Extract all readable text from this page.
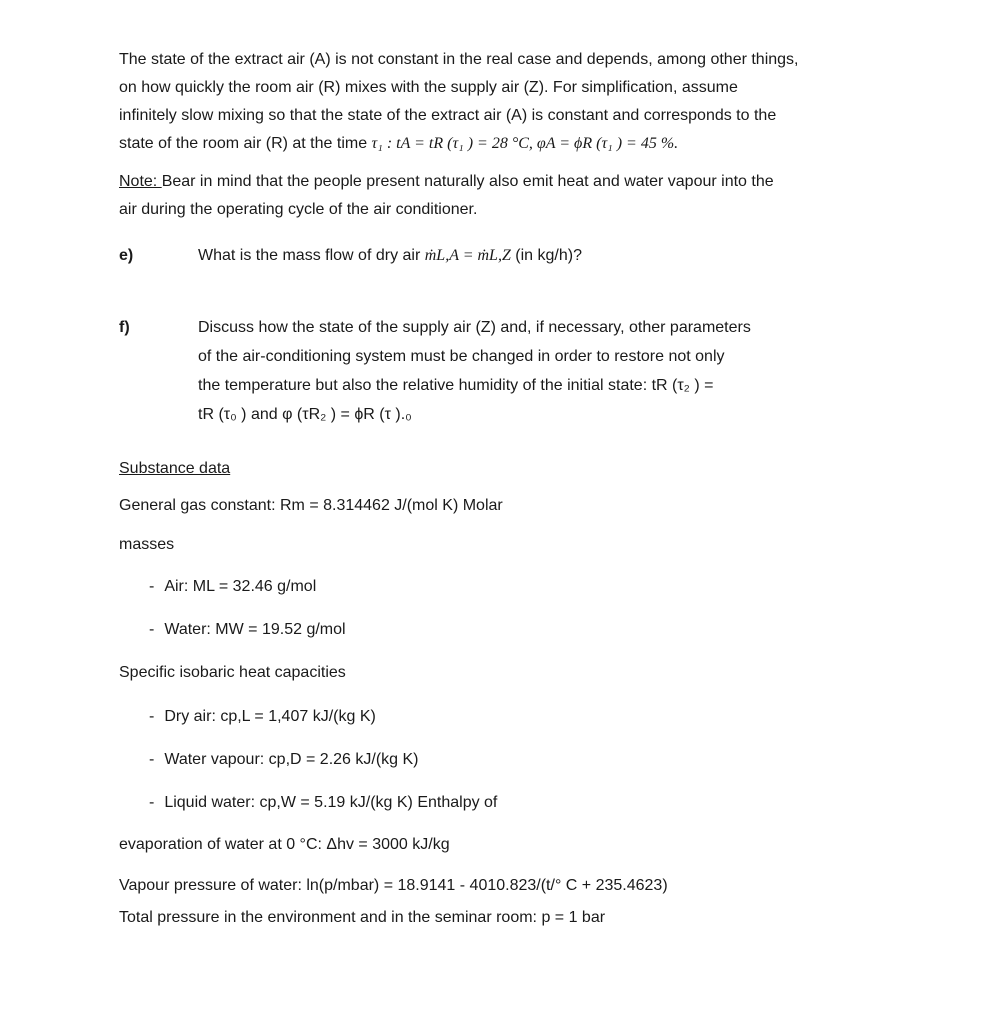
The state of the extract air (A) is not constant in the real case and depends, among other things,
on how quickly the room air (R) mixes with the supply air (Z). For simplification, assume
infinitely slow mixing so that the state of the extract air (A) is constant and corresponds to the
state of the room air (R) at the time τ₁ : tA = tR (τ₁ ) = 28 °C, φA = ϕR (τ₁ ) = 45 %.
Note: Bear in mind that the people present naturally also emit heat and water vapour into the
air during the operating cycle of the air conditioner.
e)	What is the mass flow of dry air ṁL,A = ṁL,Z (in kg/h)?
f)	Discuss how the state of the supply air (Z) and, if necessary, other parameters
of the air-conditioning system must be changed in order to restore not only
the temperature but also the relative humidity of the initial state: tR (τ₂ ) =
tR (τ₀ ) and φ (τR₂ ) = ϕR (τ ).₀
Substance data
General gas constant: Rm = 8.314462 J/(mol K) Molar
masses
- Air: ML = 32.46 g/mol
- Water: MW = 19.52 g/mol
Specific isobaric heat capacities
- Dry air: cp,L = 1,407 kJ/(kg K)
- Water vapour: cp,D = 2.26 kJ/(kg K)
- Liquid water: cp,W = 5.19 kJ/(kg K) Enthalpy of
evaporation of water at 0 °C: Δhv = 3000 kJ/kg
Vapour pressure of water: ln(p/mbar) = 18.9141 - 4010.823/(t/° C + 235.4623)
Total pressure in the environment and in the seminar room: p = 1 bar
